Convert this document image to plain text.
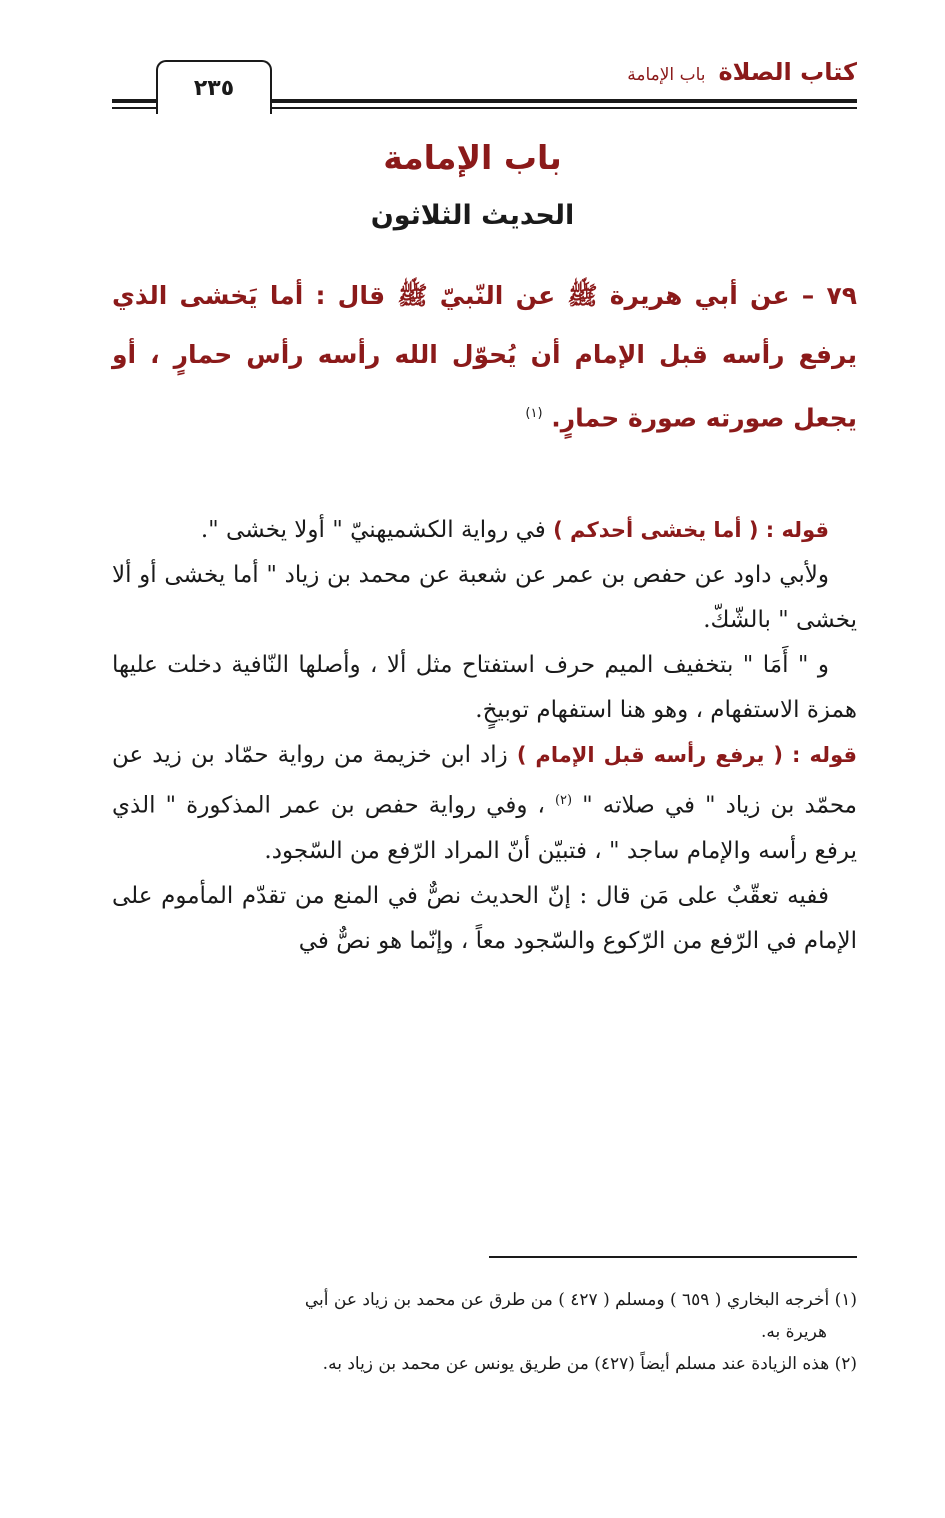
كتاب الصلاة باب الإمامة
٢٣٥
باب الإمامة
الحديث الثلاثون
٧٩ – عن أبي هريرة ﷺ عن النّبيّ ﷺ قال : أما يَخشى الذي يرفع رأسه قبل الإمام أن يُحوّل الله رأسه رأس حمارٍ ، أو يجعل صورته صورة حمارٍ. $^{(١)}$

قوله : ( أما يخشى أحدكم ) في رواية الكشميهنيّ " أولا يخشى ".

ولأبي داود عن حفص بن عمر عن شعبة عن محمد بن زياد " أما يخشى أو ألا يخشى " بالشّكّ.

و " أَمَا " بتخفيف الميم حرف استفتاح مثل ألا ، وأصلها النّافية دخلت عليها همزة الاستفهام ، وهو هنا استفهام توبيخٍ.

قوله : ( يرفع رأسه قبل الإمام ) زاد ابن خزيمة من رواية حمّاد بن زيد عن محمّد بن زياد " في صلاته " $^{(٢)}$ ، وفي رواية حفص بن عمر المذكورة " الذي يرفع رأسه والإمام ساجد " ، فتبيّن أنّ المراد الرّفع من السّجود.

ففيه تعقّبٌ على مَن قال : إنّ الحديث نصٌّ في المنع من تقدّم المأموم على الإمام في الرّفع من الرّكوع والسّجود معاً ، وإنّما هو نصٌّ في

(١) أخرجه البخاري ( ٦٥٩ ) ومسلم ( ٤٢٧ ) من طرق عن محمد بن زياد عن أبي

هريرة به.

(٢) هذه الزيادة عند مسلم أيضاً (٤٢٧) من طريق يونس عن محمد بن زياد به.
